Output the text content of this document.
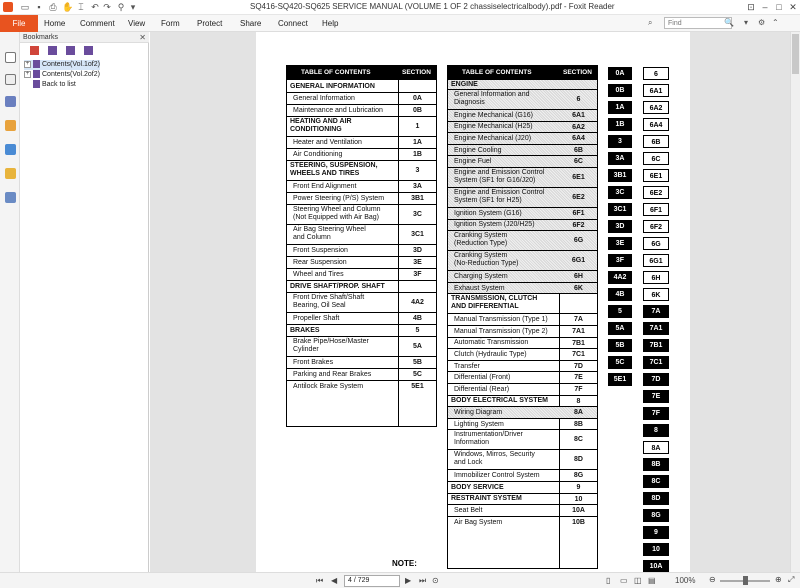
▭ ▪ ⎙ ✋ ⌶ ↶ ↷ ⚲ ▾	SQ416-SQ420-SQ625 SERVICE MANUAL (VOLUME 1 OF 2 chassiselectricalbody).pdf - Foxit Reader	⊡ – □ ✕
File	Home Comment View Form Protect Share Connect Help	⌕	Find	🔍 ▾ ⚙ ⌃
Bookmarks	✕
+ Contents(Vol.1of2)
+ Contents(Vol.2of2)
Back to list
TABLE OF CONTENTS	SECTION
GENERAL INFORMATION
General Information	0A
Maintenance and Lubrication	0B
HEATING AND AIR
CONDITIONING	1
Heater and Ventilation	1A
Air Conditioning	1B
STEERING, SUSPENSION,
WHEELS AND TIRES	3
Front End Alignment	3A
Power Steering (P/S) System	3B1
Steering Wheel and Column
(Not Equipped with Air Bag)	3C
Air Bag Steering Wheel
and Column	3C1
Front Suspension	3D
Rear Suspension	3E
Wheel and Tires	3F
DRIVE SHAFT/PROP. SHAFT
Front Drive Shaft/Shaft
Bearing, Oil Seal	4A2
Propeller Shaft	4B
BRAKES	5
Brake Pipe/Hose/Master
Cylinder	5A
Front Brakes	5B
Parking and Rear Brakes	5C
Antilock Brake System	5E1
TABLE OF CONTENTS	SECTION
ENGINE
General Information and
Diagnosis	6
Engine Mechanical (G16)	6A1
Engine Mechanical (H25)	6A2
Engine Mechanical (J20)	6A4
Engine Cooling	6B
Engine Fuel	6C
Engine and Emission Control
System (SF1 for G16/J20)	6E1
Engine and Emission Control
System (SF1 for H25)	6E2
Ignition System (G16)	6F1
Ignition System (J20/H25)	6F2
Cranking System
(Reduction Type)	6G
Cranking System
(No-Reduction Type)	6G1
Charging System	6H
Exhaust System	6K
TRANSMISSION, CLUTCH
AND DIFFERENTIAL
Manual Transmission (Type 1)	7A
Manual Transmission (Type 2)	7A1
Automatic Transmission	7B1
Clutch (Hydraulic Type)	7C1
Transfer	7D
Differential (Front)	7E
Differential (Rear)	7F
BODY ELECTRICAL SYSTEM	8
Wiring Diagram	8A
Lighting System	8B
Instrumentation/Driver
Information	8C
Windows, Mirros, Security
and Lock	8D
Immobilizer Control System	8G
BODY SERVICE	9
RESTRAINT SYSTEM	10
Seat Belt	10A
Air Bag System	10B
0A
0B
1A
1B
3
3A
3B1
3C
3C1
3D
3E
3F
4A2
4B
5
5A
5B
5C
5E1
6
6A1
6A2
6A4
6B
6C
6E1
6E2
6F1
6F2
6G
6G1
6H
6K
7A
7A1
7B1
7C1
7D
7E
7F
8
8A
8B
8C
8D
8G
9
10
10A
NOTE:
⏮ ◀	4 / 729	▶ ⏭ ⊙	▯ ▭ ◫ ▤ 100% ⊖	⊕ ⤢
